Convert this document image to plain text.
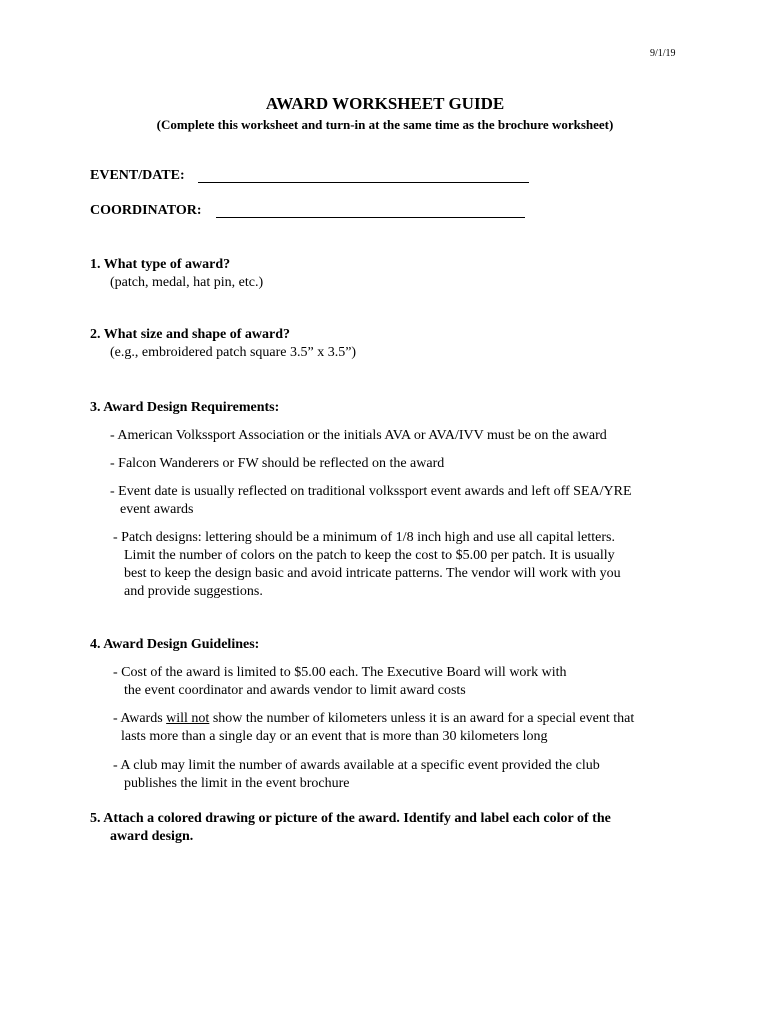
9/1/19
AWARD WORKSHEET GUIDE
(Complete this worksheet and turn-in at the same time as the brochure worksheet)
EVENT/DATE:
COORDINATOR:
1. What type of award?
(patch, medal, hat pin, etc.)
2. What size and shape of award?
(e.g., embroidered patch square 3.5” x 3.5”)
3. Award Design Requirements:
- American Volkssport Association or the initials AVA or AVA/IVV must be on the award
- Falcon Wanderers or FW should be reflected on the award
- Event date is usually reflected on traditional volkssport event awards and left off SEA/YRE
event awards
- Patch designs: lettering should be a minimum of 1/8 inch high and use all capital letters.
Limit the number of colors on the patch to keep the cost to $5.00 per patch. It is usually
best to keep the design basic and avoid intricate patterns. The vendor will work with you
and provide suggestions.
4. Award Design Guidelines:
- Cost of the award is limited to $5.00 each. The Executive Board will work with
the event coordinator and awards vendor to limit award costs
- Awards will not show the number of kilometers unless it is an award for a special event that
lasts more than a single day or an event that is more than 30 kilometers long
- A club may limit the number of awards available at a specific event provided the club
publishes the limit in the event brochure
5. Attach a colored drawing or picture of the award. Identify and label each color of the
award design.
